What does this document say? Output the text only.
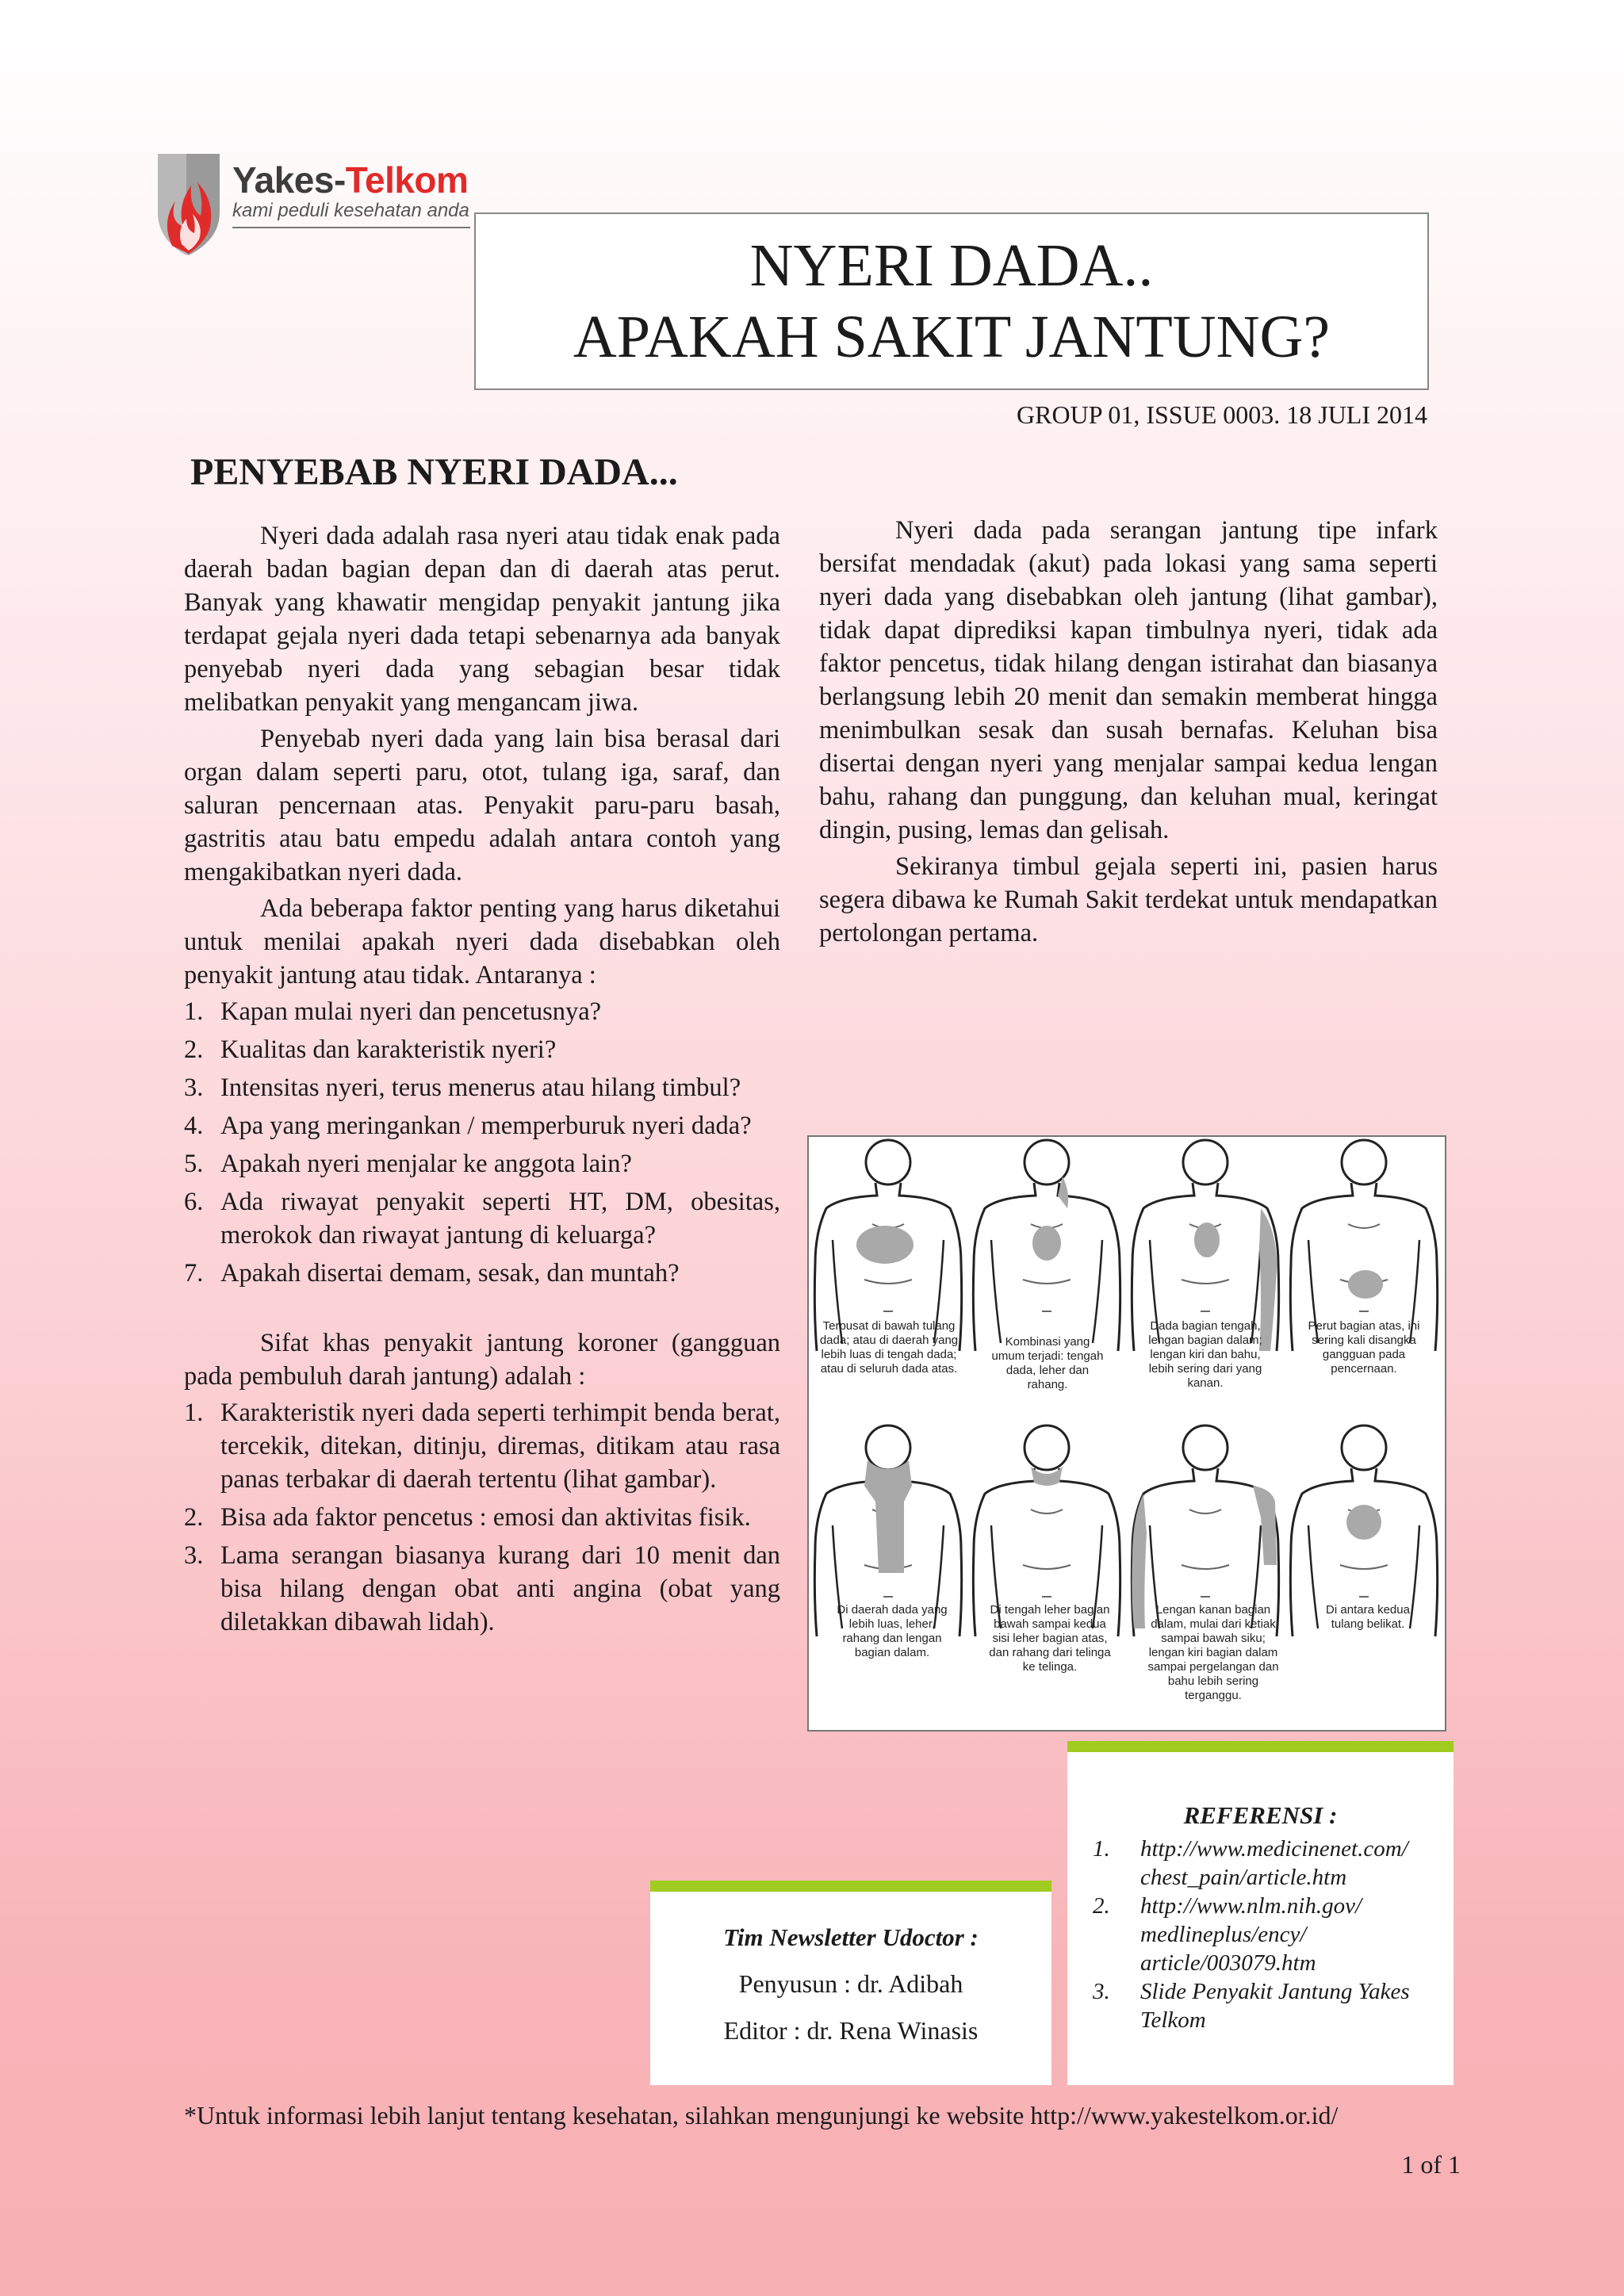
Yakes-Telkom
kami peduli kesehatan anda
NYERI DADA..
APAKAH SAKIT JANTUNG?
GROUP 01, ISSUE 0003. 18 JULI 2014
PENYEBAB NYERI DADA...

Nyeri dada adalah rasa nyeri atau tidak enak pada daerah badan bagian depan dan di daerah atas perut. Banyak yang khawatir mengidap penyakit jantung jika terdapat gejala nyeri dada tetapi sebenarnya ada banyak penyebab nyeri dada yang sebagian besar tidak melibatkan penyakit yang mengancam jiwa.

Penyebab nyeri dada yang lain bisa berasal dari organ dalam seperti paru, otot, tulang iga, saraf, dan saluran pencernaan atas. Penyakit paru-paru basah, gastritis atau batu empedu adalah antara contoh yang mengakibatkan nyeri dada.

Ada beberapa faktor penting yang harus diketahui untuk menilai apakah nyeri dada disebabkan oleh penyakit jantung atau tidak. Antaranya :

1. Kapan mulai nyeri dan pencetusnya?
2. Kualitas dan karakteristik nyeri?
3. Intensitas nyeri, terus menerus atau hilang timbul?
4. Apa yang meringankan / memperburuk nyeri dada?
5. Apakah nyeri menjalar ke anggota lain?
6. Ada riwayat penyakit seperti HT, DM, obesitas, merokok dan riwayat jantung di keluarga?
7. Apakah disertai demam, sesak, dan muntah?

Sifat khas penyakit jantung koroner (gangguan pada pembuluh darah jantung) adalah :

1. Karakteristik nyeri dada seperti terhimpit benda berat, tercekik, ditekan, ditinju, diremas, ditikam atau rasa panas terbakar di daerah tertentu (lihat gambar).
2. Bisa ada faktor pencetus : emosi dan aktivitas fisik.
3. Lama serangan biasanya kurang dari 10 menit dan bisa hilang dengan obat anti angina (obat yang diletakkan dibawah lidah).

Nyeri dada pada serangan jantung tipe infark bersifat mendadak (akut) pada lokasi yang sama seperti nyeri dada yang disebabkan oleh jantung (lihat gambar), tidak dapat diprediksi kapan timbulnya nyeri, tidak ada faktor pencetus, tidak hilang dengan istirahat dan biasanya berlangsung lebih 20 menit dan semakin memberat hingga menimbulkan sesak dan susah bernafas. Keluhan bisa disertai dengan nyeri yang menjalar sampai kedua lengan bahu, rahang dan punggung, dan keluhan mual, keringat dingin, pusing, lemas dan gelisah.

Sekiranya timbul gejala seperti ini, pasien harus segera dibawa ke Rumah Sakit terdekat untuk mendapatkan pertolongan pertama.

Terpusat di bawah tulang dada; atau di daerah yang lebih luas di tengah dada; atau di seluruh dada atas.
Kombinasi yang umum terjadi: tengah dada, leher dan rahang.
Dada bagian tengah, lengan bagian dalam; lengan kiri dan bahu, lebih sering dari yang kanan.
Perut bagian atas, ini sering kali disangka gangguan pada pencernaan.
Di daerah dada yang lebih luas, leher, rahang dan lengan bagian dalam.
Di tengah leher bagian bawah sampai kedua sisi leher bagian atas, dan rahang dari telinga ke telinga.
Lengan kanan bagian dalam, mulai dari ketiak sampai bawah siku; lengan kiri bagian dalam sampai pergelangan dan bahu lebih sering terganggu.
Di antara kedua tulang belikat.
REFERENSI :
1. http://www.medicinenet.com/ chest_pain/article.htm
2. http://www.nlm.nih.gov/ medlineplus/ency/ article/003079.htm
3. Slide Penyakit Jantung Yakes Telkom
Tim Newsletter Udoctor :
Penyusun : dr. Adibah
Editor : dr. Rena Winasis
*Untuk informasi lebih lanjut tentang kesehatan, silahkan mengunjungi ke website http://www.yakestelkom.or.id/
1 of 1
